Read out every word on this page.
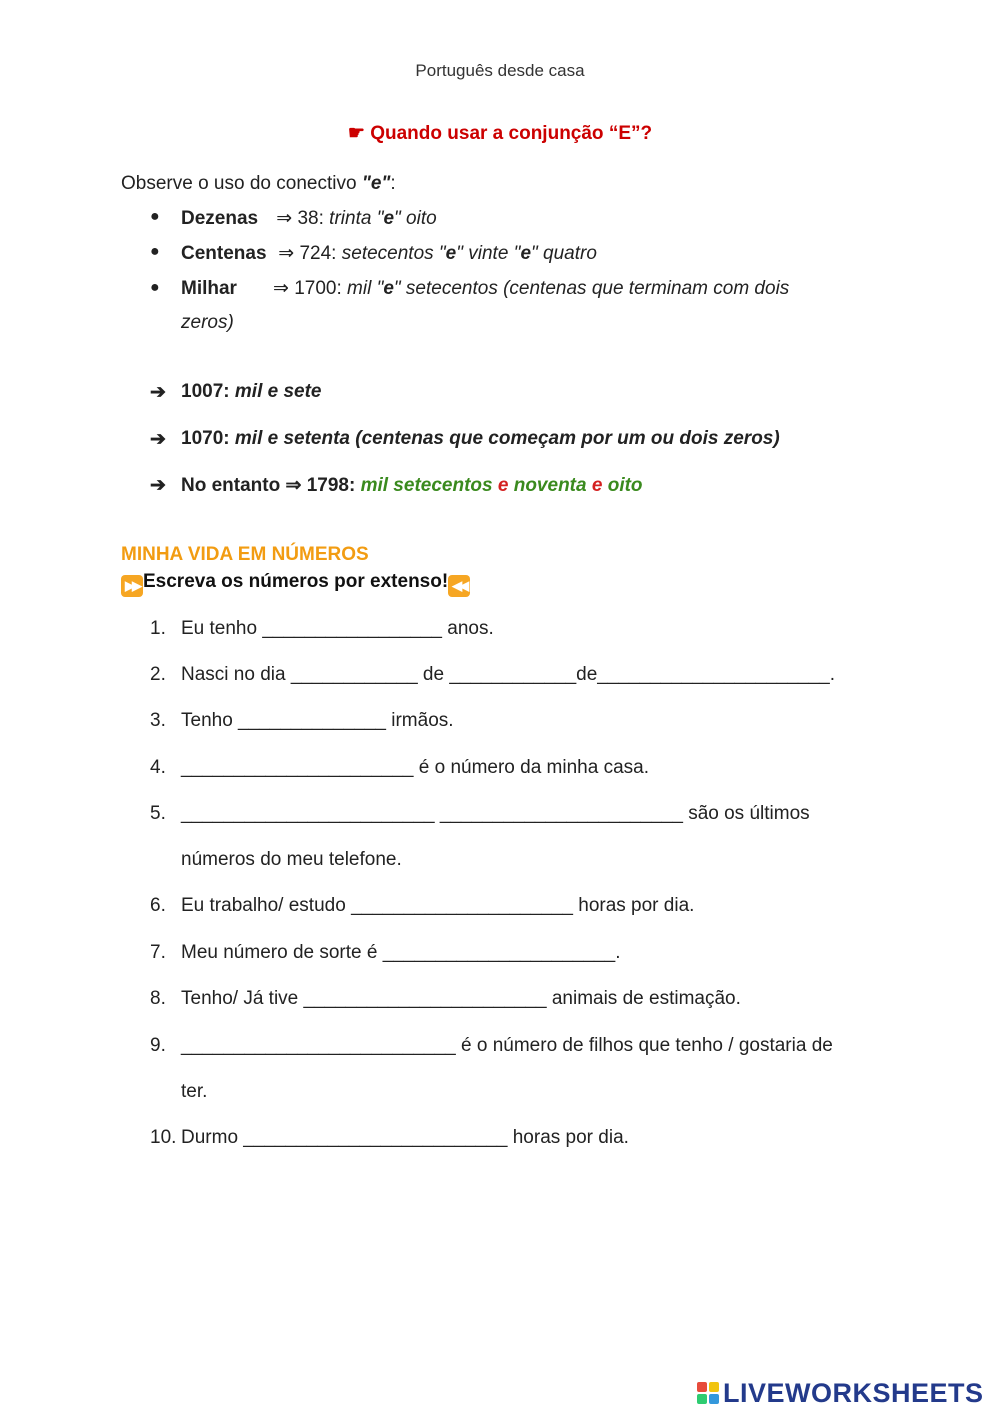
Português desde casa
☛ Quando usar a conjunção “E”?
Observe o uso do conectivo "e":
● Dezenas ⇒ 38: trinta "e" oito
● Centenas ⇒ 724: setecentos "e" vinte "e" quatro
● Milhar ⇒ 1700: mil "e" setecentos (centenas que terminam com dois
zeros)
➔ 1007: mil e sete
➔ 1070: mil e setenta (centenas que começam por um ou dois zeros)
➔ No entanto ⇒ 1798: mil setecentos e noventa e oito
MINHA VIDA EM NÚMEROS
▶▶ Escreva os números por extenso! ◀◀
1. Eu tenho _________________ anos.
2. Nasci no dia ____________ de ____________de______________________.
3. Tenho ______________ irmãos.
4. ______________________ é o número da minha casa.
5. ________________________ _______________________ são os últimos
números do meu telefone.
6. Eu trabalho/ estudo _____________________ horas por dia.
7. Meu número de sorte é ______________________.
8. Tenho/ Já tive _______________________ animais de estimação.
9. __________________________ é o número de filhos que tenho / gostaria de
ter.
10. Durmo _________________________ horas por dia.
LIVEWORKSHEETS
